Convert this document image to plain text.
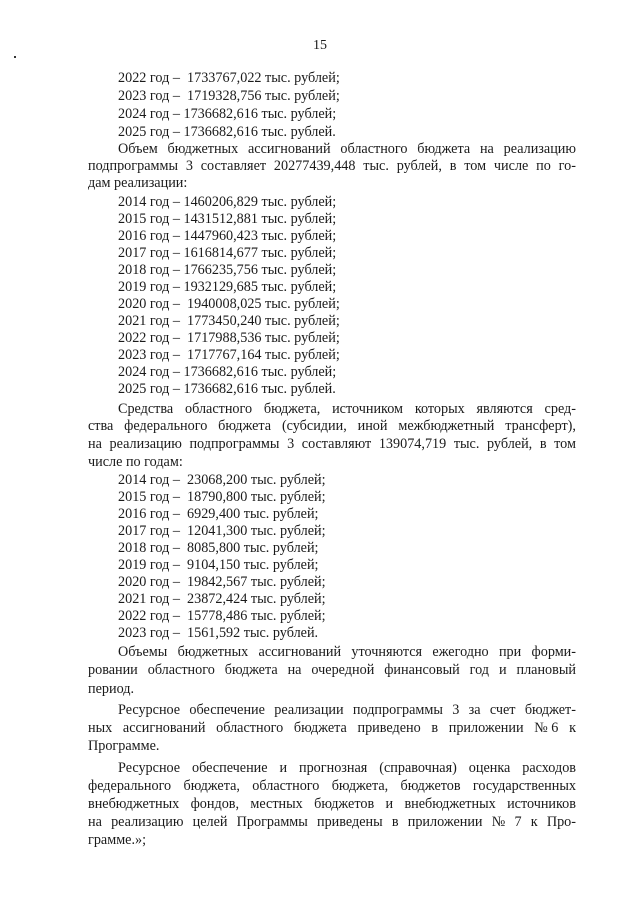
15
2022 год –  1733767,022 тыс. рублей;
2023 год –  1719328,756 тыс. рублей;
2024 год – 1736682,616 тыс. рублей;
2025 год – 1736682,616 тыс. рублей.
Объем бюджетных ассигнований областного бюджета на реализацию
подпрограммы 3 составляет 20277439,448 тыс. рублей, в том числе по го-
дам реализации:
2014 год – 1460206,829 тыс. рублей;
2015 год – 1431512,881 тыс. рублей;
2016 год – 1447960,423 тыс. рублей;
2017 год – 1616814,677 тыс. рублей;
2018 год – 1766235,756 тыс. рублей;
2019 год – 1932129,685 тыс. рублей;
2020 год –  1940008,025 тыс. рублей;
2021 год –  1773450,240 тыс. рублей;
2022 год –  1717988,536 тыс. рублей;
2023 год –  1717767,164 тыс. рублей;
2024 год – 1736682,616 тыс. рублей;
2025 год – 1736682,616 тыс. рублей.
Средства областного бюджета, источником которых являются сред-
ства федерального бюджета (субсидии, иной межбюджетный трансферт),
на реализацию подпрограммы 3 составляют 139074,719 тыс. рублей, в том
числе по годам:
2014 год –  23068,200 тыс. рублей;
2015 год –  18790,800 тыс. рублей;
2016 год –  6929,400 тыс. рублей;
2017 год –  12041,300 тыс. рублей;
2018 год –  8085,800 тыс. рублей;
2019 год –  9104,150 тыс. рублей;
2020 год –  19842,567 тыс. рублей;
2021 год –  23872,424 тыс. рублей;
2022 год –  15778,486 тыс. рублей;
2023 год –  1561,592 тыс. рублей.
Объемы бюджетных ассигнований уточняются ежегодно при форми-
ровании областного бюджета на очередной финансовый год и плановый
период.
Ресурсное обеспечение реализации подпрограммы 3 за счет бюджет-
ных ассигнований областного бюджета приведено в приложении № 6 к
Программе.
Ресурсное обеспечение и прогнозная (справочная) оценка расходов
федерального бюджета, областного бюджета, бюджетов государственных
внебюджетных фондов, местных бюджетов и внебюджетных источников
на реализацию целей Программы приведены в приложении № 7 к Про-
грамме.»;
